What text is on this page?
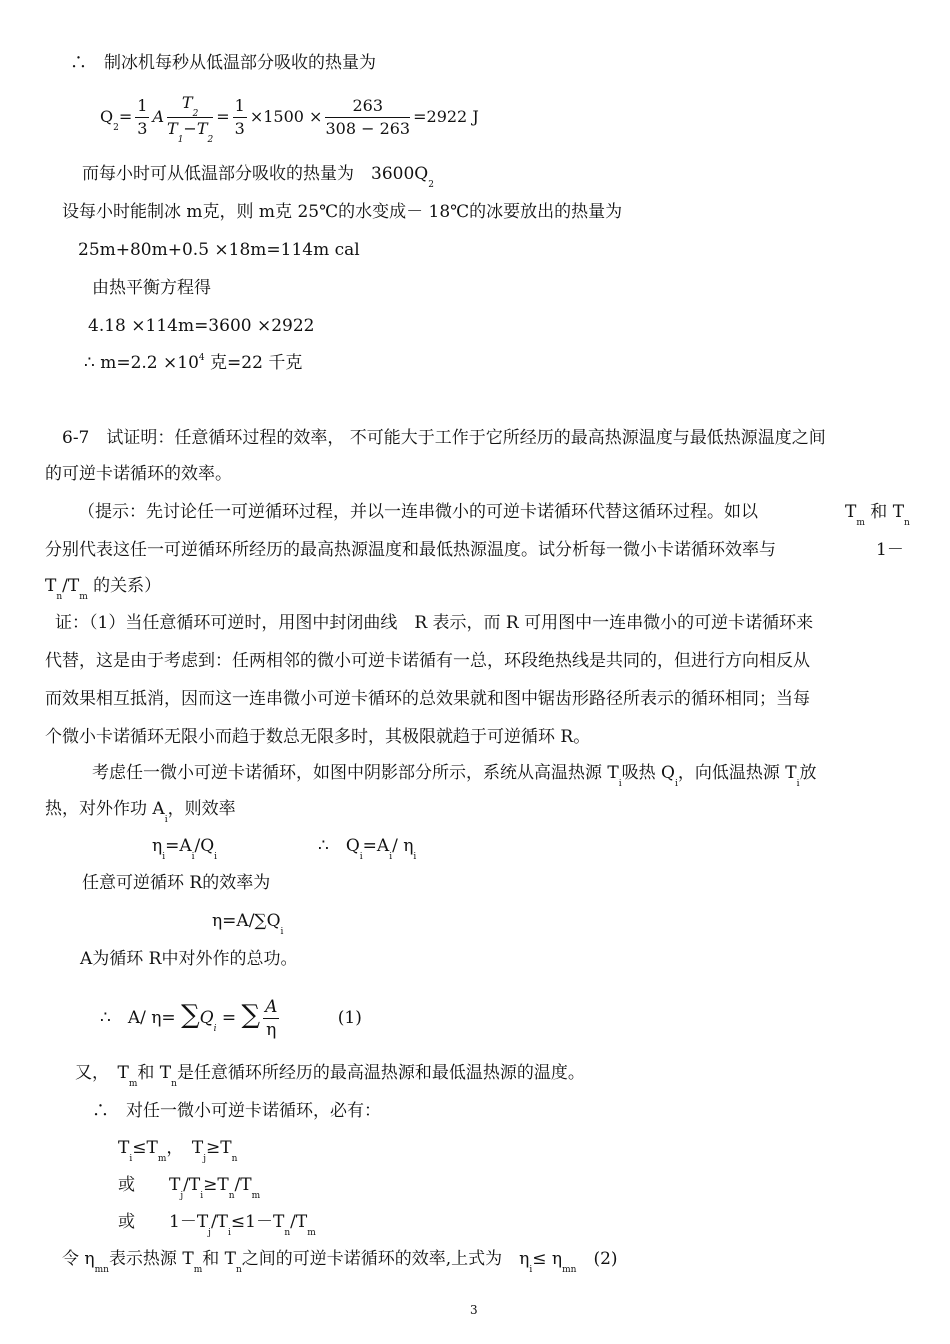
∴　制冰机每秒从低温部分吸收的热量为
$Q_2= \frac{1}{3}$ A $\frac{T_2}{T_1-T_2} = \frac{1}{3} \times 1500 \times \frac{263}{308 - 263} =2922$ J
而每小时可从低温部分吸收的热量为　$3600Q_2$
设每小时能制冰 m克，则 m克 25℃的水变成－ 18℃的冰要放出的热量为
25m+80m+0.5 ×18m=114m cal
由热平衡方程得
4.18 ×114m=3600 ×2922
∴ $m=2.2 \times 10^4$ 克=22 千克
6-7　试证明：任意循环过程的效率， 不可能大于工作于它所经历的最高热源温度与最低热源温度之间
的可逆卡诺循环的效率。
（提示：先讨论任一可逆循环过程，并以一连串微小的可逆卡诺循环代替这循环过程。如以	$T_m$ 和 $T_n$
分别代表这任一可逆循环所经历的最高热源温度和最低热源温度。试分析每一微小卡诺循环效率与	1－
$T_n/T_m$ 的关系）
证：（1）当任意循环可逆时，用图中封闭曲线　R 表示，而 R 可用图中一连串微小的可逆卡诺循环来
代替，这是由于考虑到：任两相邻的微小可逆卡诺循有一总，环段绝热线是共同的，但进行方向相反从
而效果相互抵消，因而这一连串微小可逆卡循环的总效果就和图中锯齿形路径所表示的循环相同；当每
个微小卡诺循环无限小而趋于数总无限多时，其极限就趋于可逆循环 R。
考虑任一微小可逆卡诺循环，如图中阴影部分所示，系统从高温热源 $T_i$吸热 $Q_i$，向低温热源 $T_i$放
热，对外作功 $A_i$，则效率
$\eta_i=A_i/Q_i$
∴　$Q_i=A_i/$ $\eta_i$
任意可逆循环 R的效率为
$\eta=A/\sum Q_i$
A为循环 R中对外作的总功。
∴　A/ $\eta= \sum Q_i$ = ∑ $\frac{A}{\eta}$	(1)
又，　$T_m$和 $T_n$是任意循环所经历的最高温热源和最低温热源的温度。
∴　对任一微小可逆卡诺循环，必有：
$T_i\le T_m$，　$T_j\ge T_n$
或　　$T_j/T_i\ge T_n/T_m$
或　　$1-T_j/T_i\le 1-T_n/T_m$
令 $\eta_{mn}$表示热源 $T_m$和 $T_n$之间的可逆卡诺循环的效率,上式为　$\eta_i\le \eta_{mn}$　(2)
3
